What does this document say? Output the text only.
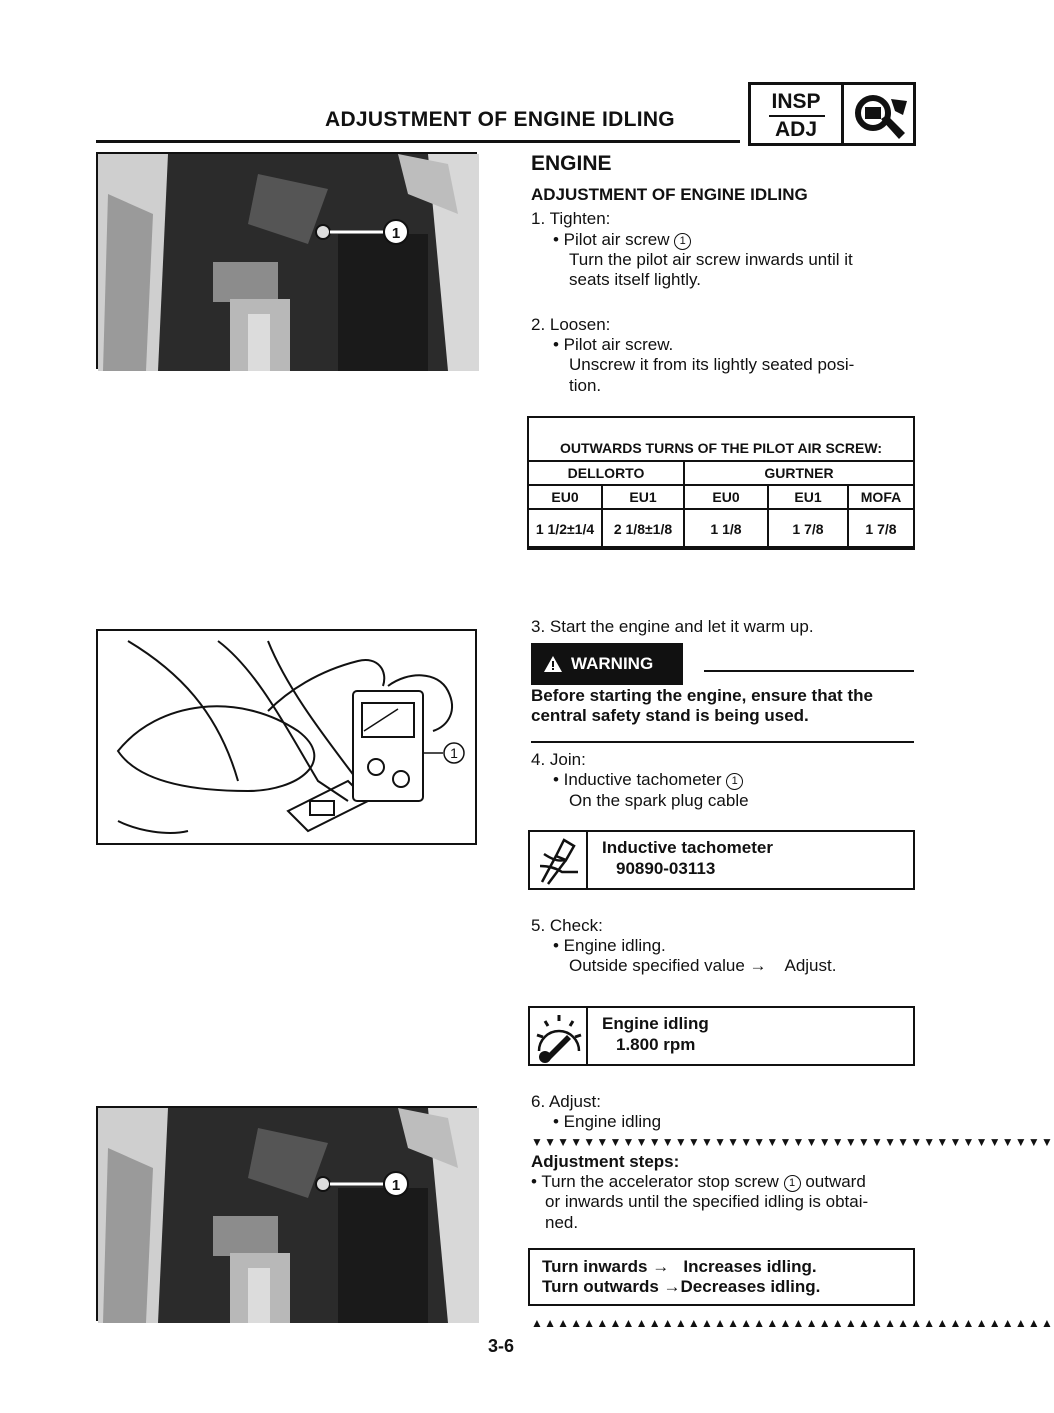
ADJUSTMENT OF ENGINE IDLING
INSP
ADJ
1
ENGINE
ADJUSTMENT OF ENGINE IDLING
1. Tighten:
• Pilot air screw 1
Turn the pilot air screw inwards until it
seats itself lightly.
2. Loosen:
• Pilot air screw.
Unscrew it from its lightly seated posi-
tion.
OUTWARDS TURNS OF THE PILOT AIR SCREW:
DELLORTO		GURTNER		
EU0	EU1	EU0	EU1	MOFA
1 1/2±1/4	2 1/8±1/8	1 1/8	1 7/8	1 7/8
1
3. Start the engine and let it warm up.
WARNING
Before starting the engine, ensure that the
central safety stand is being used.
4. Join:
• Inductive tachometer 1
On the spark plug cable
Inductive tachometer
90890-03113
5. Check:
• Engine idling.
Outside specified value → Adjust.
Engine idling
1.800 rpm
1
6. Adjust:
• Engine idling
▼▼▼▼▼▼▼▼▼▼▼▼▼▼▼▼▼▼▼▼▼▼▼▼▼▼▼▼▼▼▼▼▼▼▼▼▼▼▼▼
Adjustment steps:
• Turn the accelerator stop screw 1 outward
or inwards until the specified idling is obtai-
ned.
Turn inwards → Increases idling.
Turn outwards →Decreases idling.
▲▲▲▲▲▲▲▲▲▲▲▲▲▲▲▲▲▲▲▲▲▲▲▲▲▲▲▲▲▲▲▲▲▲▲▲▲▲▲▲
3-6
